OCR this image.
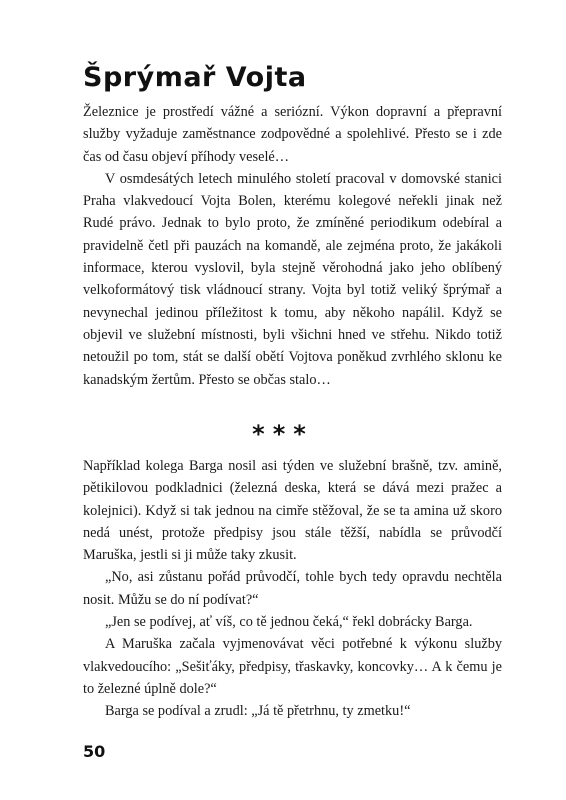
Šprýmař Vojta

Železnice je prostředí vážné a seriózní. Výkon dopravní a přepravní služby vyžaduje zaměstnance zodpovědné a spolehlivé. Přesto se i zde čas od času objeví příhody veselé…

V osmdesátých letech minulého století pracoval v domovské stanici Praha vlakvedoucí Vojta Bolen, kterému kolegové neřekli jinak než Rudé právo. Jednak to bylo proto, že zmíněné periodikum odebíral a pravidelně četl při pauzách na komandě, ale zejména proto, že jakákoli informace, kterou vyslovil, byla stejně věrohodná jako jeho oblíbený velkoformátový tisk vládnoucí strany. Vojta byl totiž veliký šprýmař a nevynechal jedinou příležitost k tomu, aby někoho napálil. Když se objevil ve služební místnosti, byli všichni hned ve střehu. Nikdo totiž netoužil po tom, stát se další obětí Vojtova poněkud zvrhlého sklonu ke kanadským žertům. Přesto se občas stalo…

***

Například kolega Barga nosil asi týden ve služební brašně, tzv. amině, pětikilovou podkladnici (železná deska, která se dává mezi pražec a kolejnici). Když si tak jednou na cimře stěžoval, že se ta amina už skoro nedá unést, protože předpisy jsou stále těžší, nabídla se průvodčí Maruška, jestli si ji může taky zkusit.

„No, asi zůstanu pořád průvodčí, tohle bych tedy opravdu nechtěla nosit. Můžu se do ní podívat?“

„Jen se podívej, ať víš, co tě jednou čeká,“ řekl dobrácky Barga.

A Maruška začala vyjmenovávat věci potřebné k výkonu služby vlakvedoucího: „Sešiťáky, předpisy, třaskavky, koncovky… A k čemu je to železné úplně dole?“

Barga se podíval a zrudl: „Já tě přetrhnu, ty zmetku!“

50
